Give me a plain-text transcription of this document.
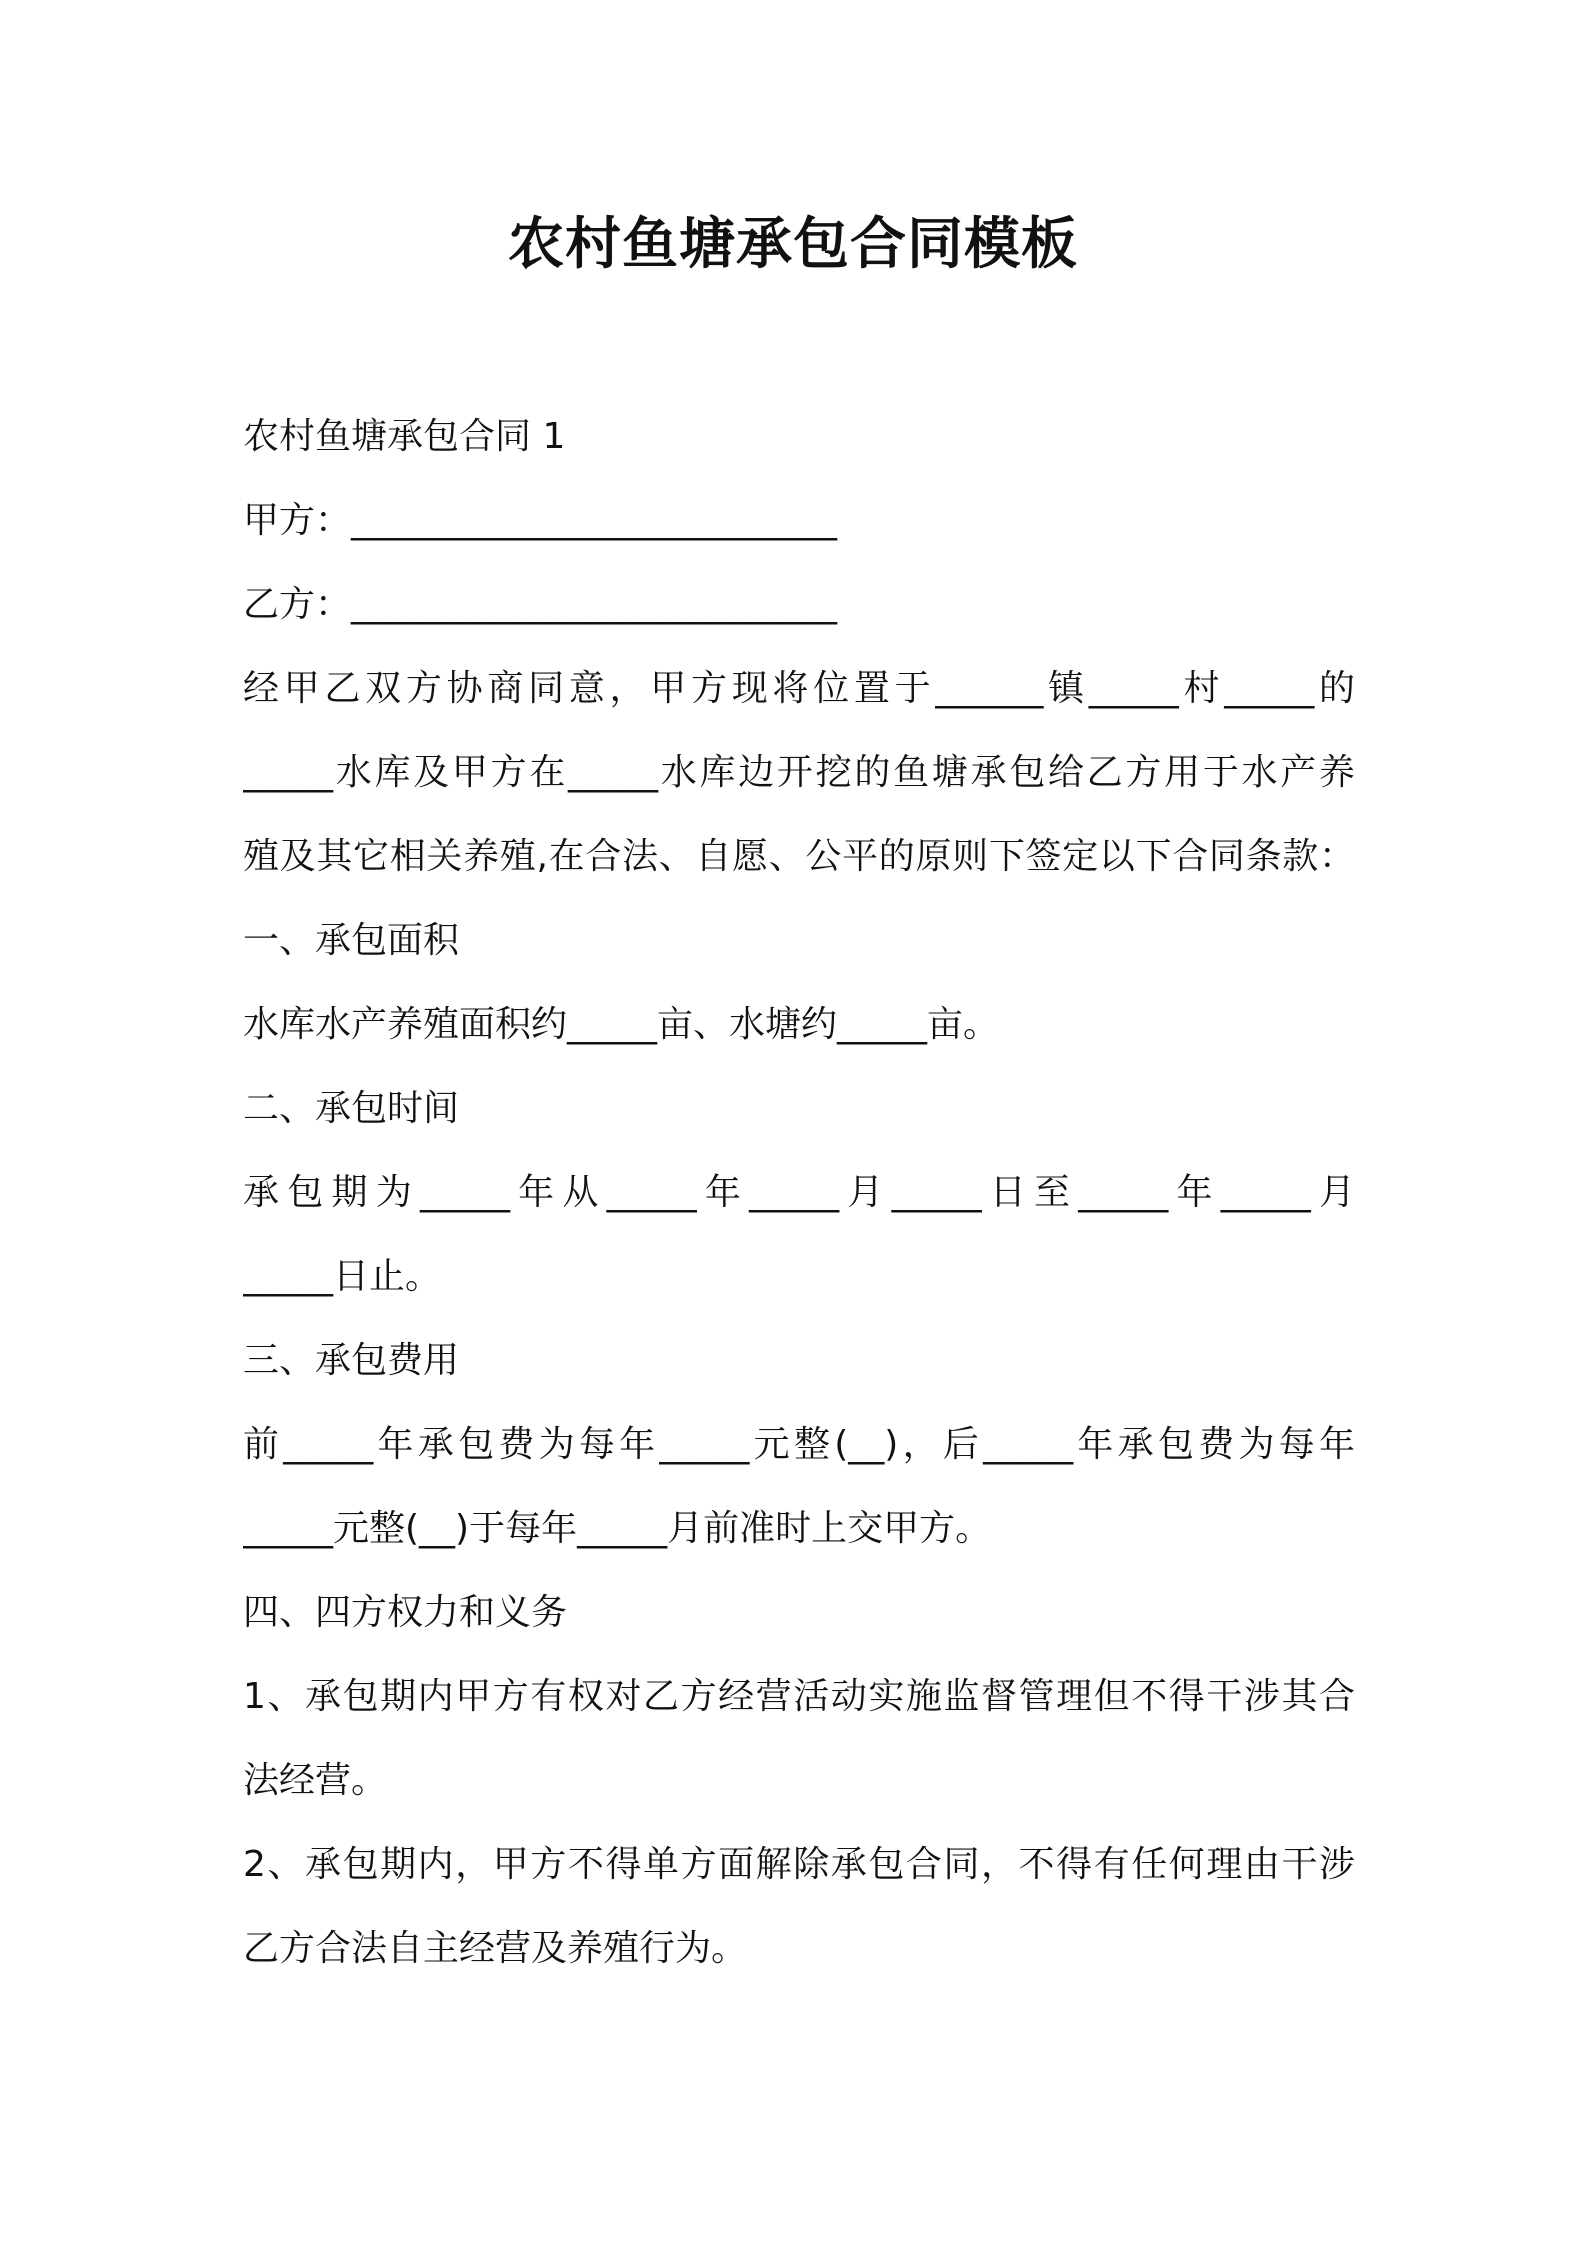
农村鱼塘承包合同模板
农村鱼塘承包合同 1
甲方：___________________________
乙方：___________________________
经甲乙双方协商同意，甲方现将位置于______镇_____村_____的
_____水库及甲方在_____水库边开挖的鱼塘承包给乙方用于水产养
殖及其它相关养殖,在合法、自愿、公平的原则下签定以下合同条款：
一、承包面积
水库水产养殖面积约_____亩、水塘约_____亩。
二、承包时间
承包期为_____年从_____年_____月_____日至_____年_____月
_____日止。
三、承包费用
前_____年承包费为每年_____元整(__)，后_____年承包费为每年
_____元整(__)于每年_____月前准时上交甲方。
四、四方权力和义务
1、承包期内甲方有权对乙方经营活动实施监督管理但不得干涉其合
法经营。
2、承包期内，甲方不得单方面解除承包合同，不得有任何理由干涉
乙方合法自主经营及养殖行为。
